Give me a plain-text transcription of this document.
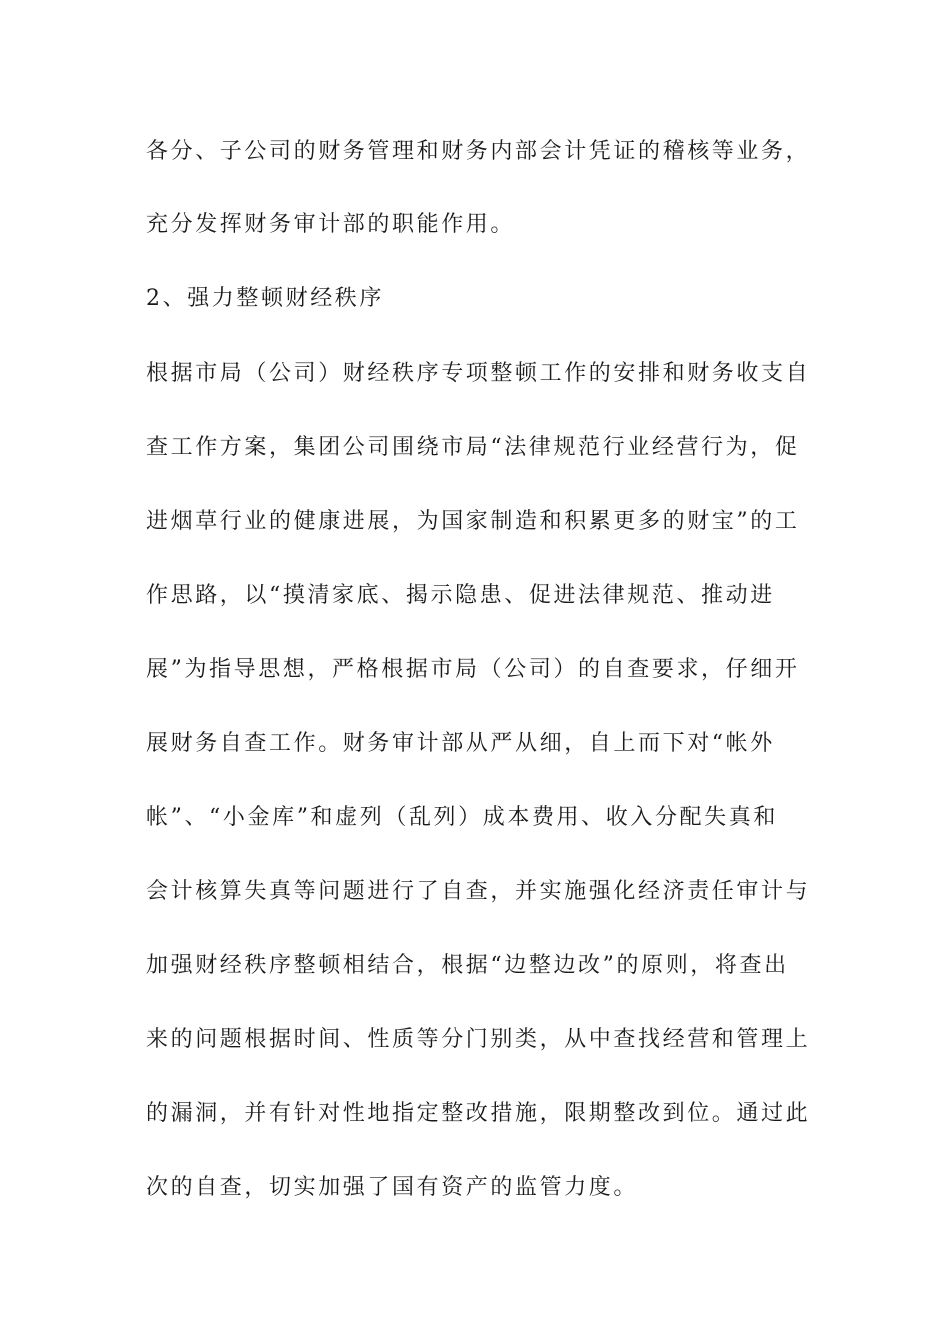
各分、子公司的财务管理和财务内部会计凭证的稽核等业务，
充分发挥财务审计部的职能作用。
2、强力整顿财经秩序
根据市局（公司）财经秩序专项整顿工作的安排和财务收支自
查工作方案，集团公司围绕市局“法律规范行业经营行为，促
进烟草行业的健康进展，为国家制造和积累更多的财宝”的工
作思路，以“摸清家底、揭示隐患、促进法律规范、推动进
展”为指导思想，严格根据市局（公司）的自查要求，仔细开
展财务自查工作。财务审计部从严从细，自上而下对“帐外
帐”、“小金库”和虚列（乱列）成本费用、收入分配失真和
会计核算失真等问题进行了自查，并实施强化经济责任审计与
加强财经秩序整顿相结合，根据“边整边改”的原则，将查出
来的问题根据时间、性质等分门别类，从中查找经营和管理上
的漏洞，并有针对性地指定整改措施，限期整改到位。通过此
次的自查，切实加强了国有资产的监管力度。
